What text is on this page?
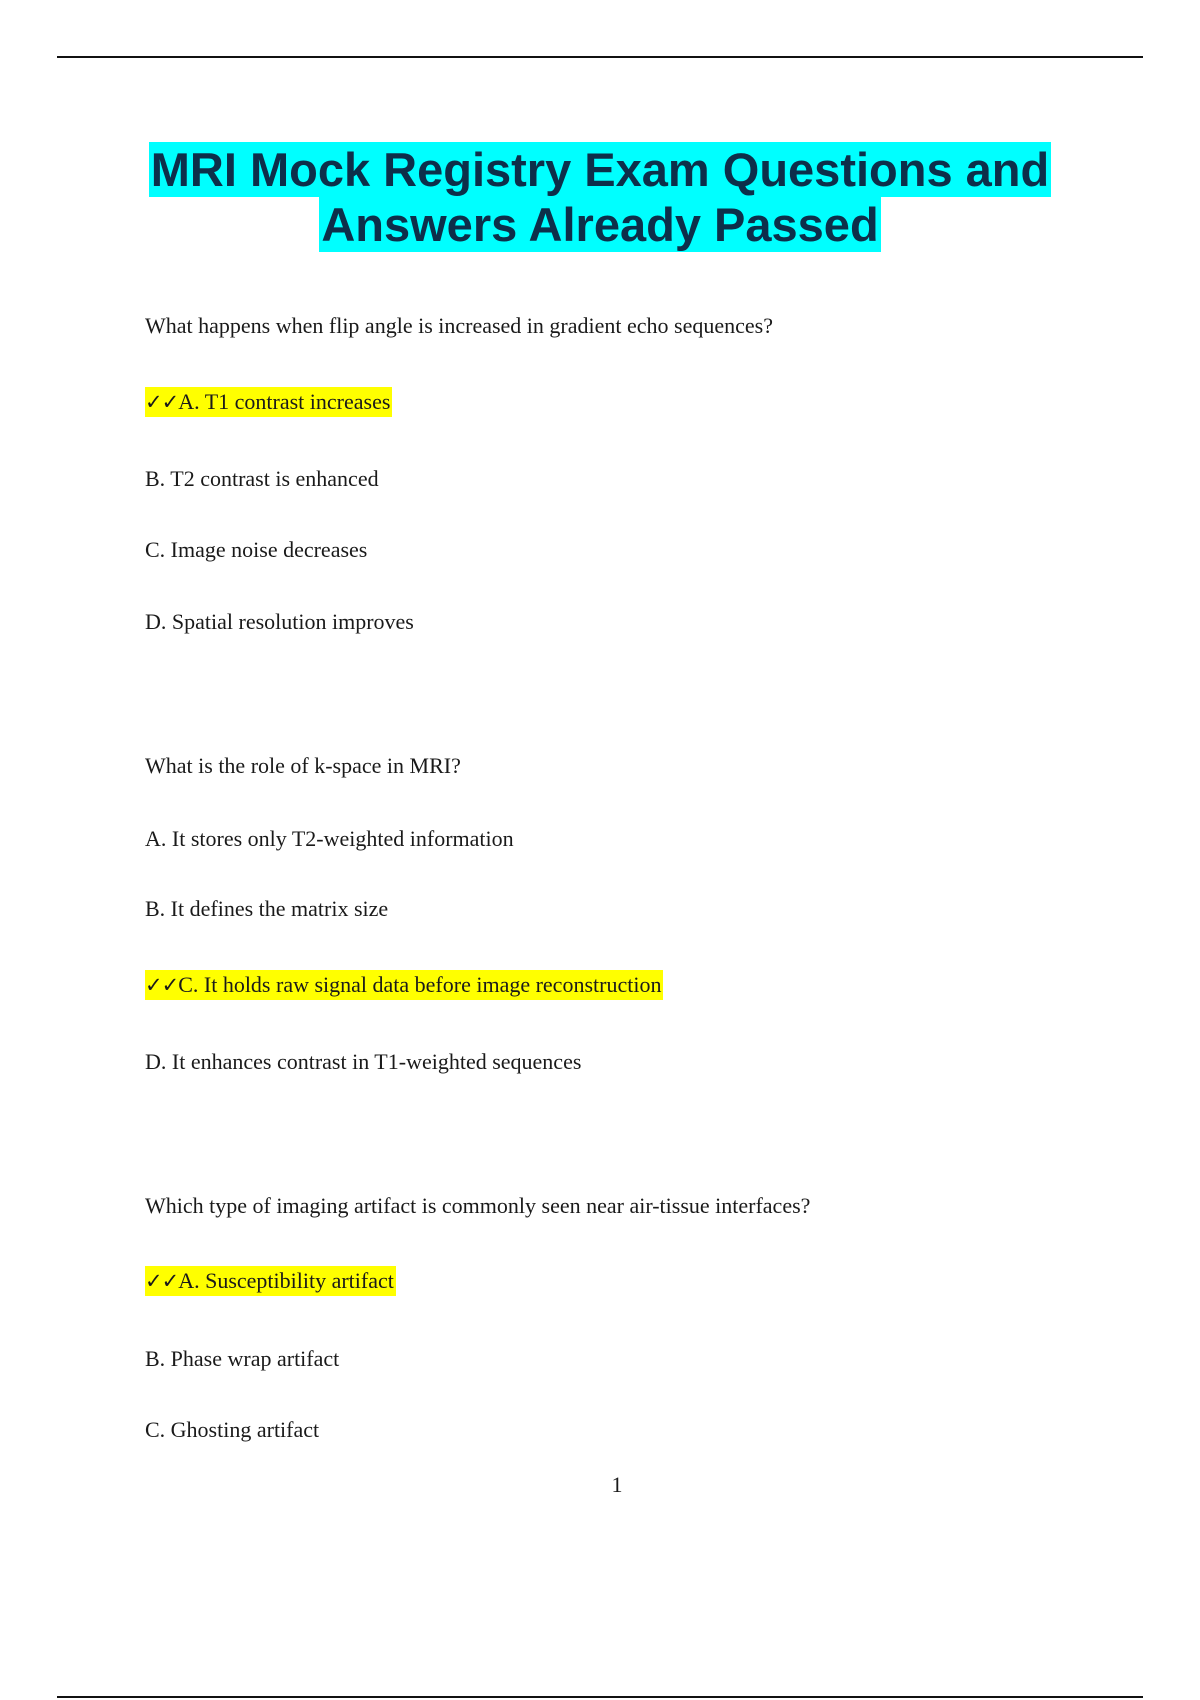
MRI Mock Registry Exam Questions and
Answers Already Passed
What happens when flip angle is increased in gradient echo sequences?
✓✓A. T1 contrast increases
B. T2 contrast is enhanced
C. Image noise decreases
D. Spatial resolution improves
What is the role of k-space in MRI?
A. It stores only T2-weighted information
B. It defines the matrix size
✓✓C. It holds raw signal data before image reconstruction
D. It enhances contrast in T1-weighted sequences
Which type of imaging artifact is commonly seen near air-tissue interfaces?
✓✓A. Susceptibility artifact
B. Phase wrap artifact
C. Ghosting artifact
1
